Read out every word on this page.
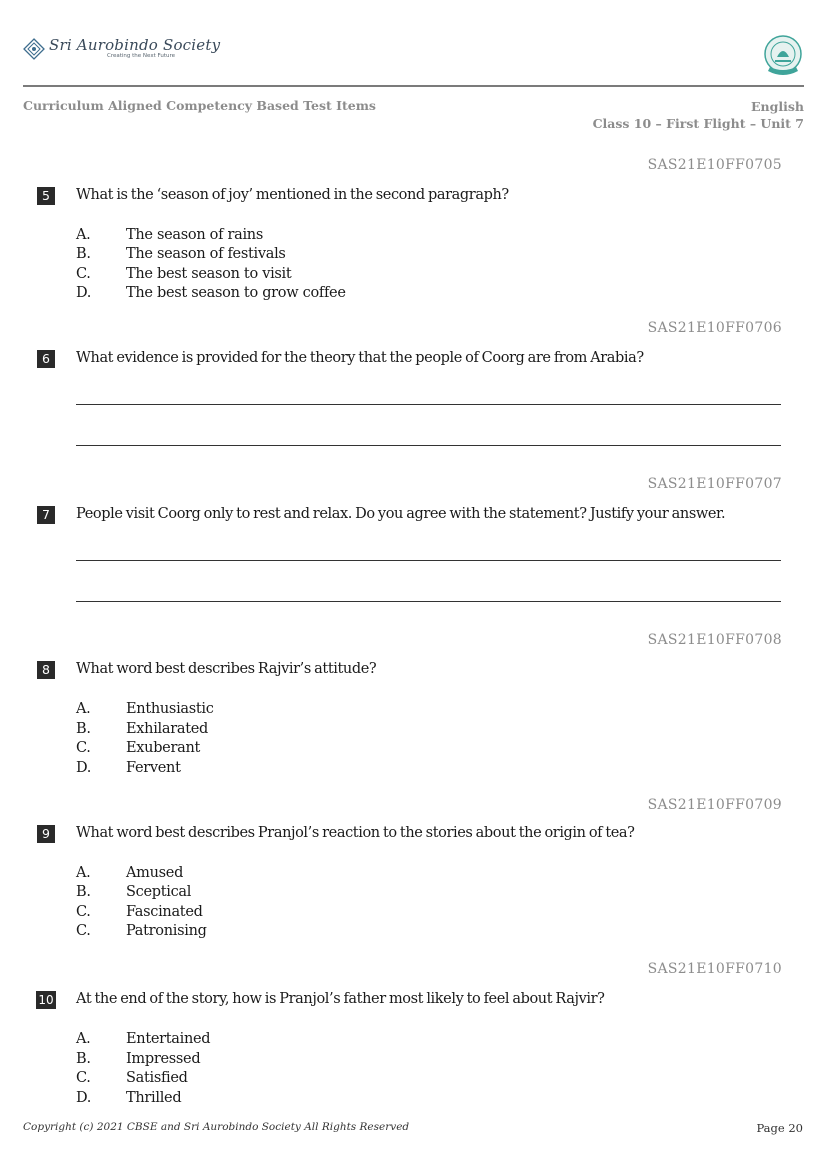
Sri Aurobindo Society
Creating the Next Future
Curriculum Aligned Competency Based Test Items	English
Class 10 – First Flight – Unit 7
SAS21E10FF0705
5	What is the ‘season of joy’ mentioned in the second paragraph?
A. The season of rains
B. The season of festivals
C. The best season to visit
D. The best season to grow coffee
SAS21E10FF0706
6	What evidence is provided for the theory that the people of Coorg are from Arabia?
SAS21E10FF0707
7	People visit Coorg only to rest and relax. Do you agree with the statement? Justify your answer.
SAS21E10FF0708
8	What word best describes Rajvir’s attitude?
A. Enthusiastic
B. Exhilarated
C. Exuberant
D. Fervent
SAS21E10FF0709
9	What word best describes Pranjol’s reaction to the stories about the origin of tea?
A. Amused
B. Sceptical
C. Fascinated
C. Patronising
SAS21E10FF0710
10 At the end of the story, how is Pranjol’s father most likely to feel about Rajvir?
A. Entertained
B. Impressed
C. Satisfied
D. Thrilled
Copyright (c) 2021 CBSE and Sri Aurobindo Society All Rights Reserved	Page 20
